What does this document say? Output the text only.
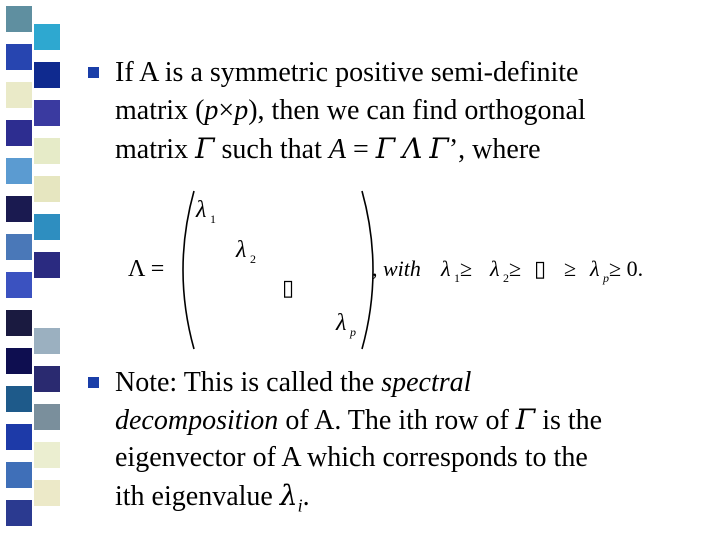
If A is a symmetric positive semi-definite
matrix (p×p), then we can find orthogonal
matrix Γ such that A = Γ Λ Γ’, where
Λ =
λ 1
λ 2
▯
λ p
, with λ 1 ≥ λ 2 ≥ ▯ ≥ λ p ≥ 0.
Note: This is called the spectral
decomposition of A. The ith row of Γ is the
eigenvector of A which corresponds to the
ith eigenvalue $\lambda_i$.
